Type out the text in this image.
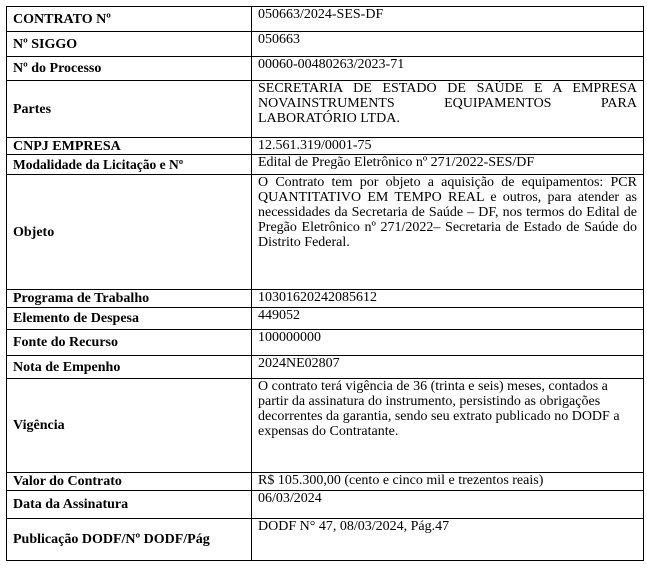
CONTRATO Nº	050663/2024-SES-DF
Nº SIGGO	050663
Nº do Processo	00060-00480263/2023-71
Partes	SECRETARIA DE ESTADO DE SAÚDE E A EMPRESA NOVAINSTRUMENTS EQUIPAMENTOS PARA LABORATÓRIO LTDA.
CNPJ EMPRESA	12.561.319/0001-75
Modalidade da Licitação e Nº	Edital de Pregão Eletrônico nº 271/2022-SES/DF
Objeto	O Contrato tem por objeto a aquisição de equipamentos: PCR QUANTITATIVO EM TEMPO REAL e outros, para atender as necessidades da Secretaria de Saúde – DF, nos termos do Edital de Pregão Eletrônico nº 271/2022– Secretaria de Estado de Saúde do Distrito Federal.
Programa de Trabalho	10301620242085612
Elemento de Despesa	449052
Fonte do Recurso	100000000
Nota de Empenho	2024NE02807
Vigência	O contrato terá vigência de 36 (trinta e seis) meses, contados a partir da assinatura do instrumento, persistindo as obrigações decorrentes da garantia, sendo seu extrato publicado no DODF a expensas do Contratante.
Valor do Contrato	R$ 105.300,00 (cento e cinco mil e trezentos reais)
Data da Assinatura	06/03/2024
Publicação DODF/Nº DODF/Pág	DODF N° 47, 08/03/2024, Pág.47
